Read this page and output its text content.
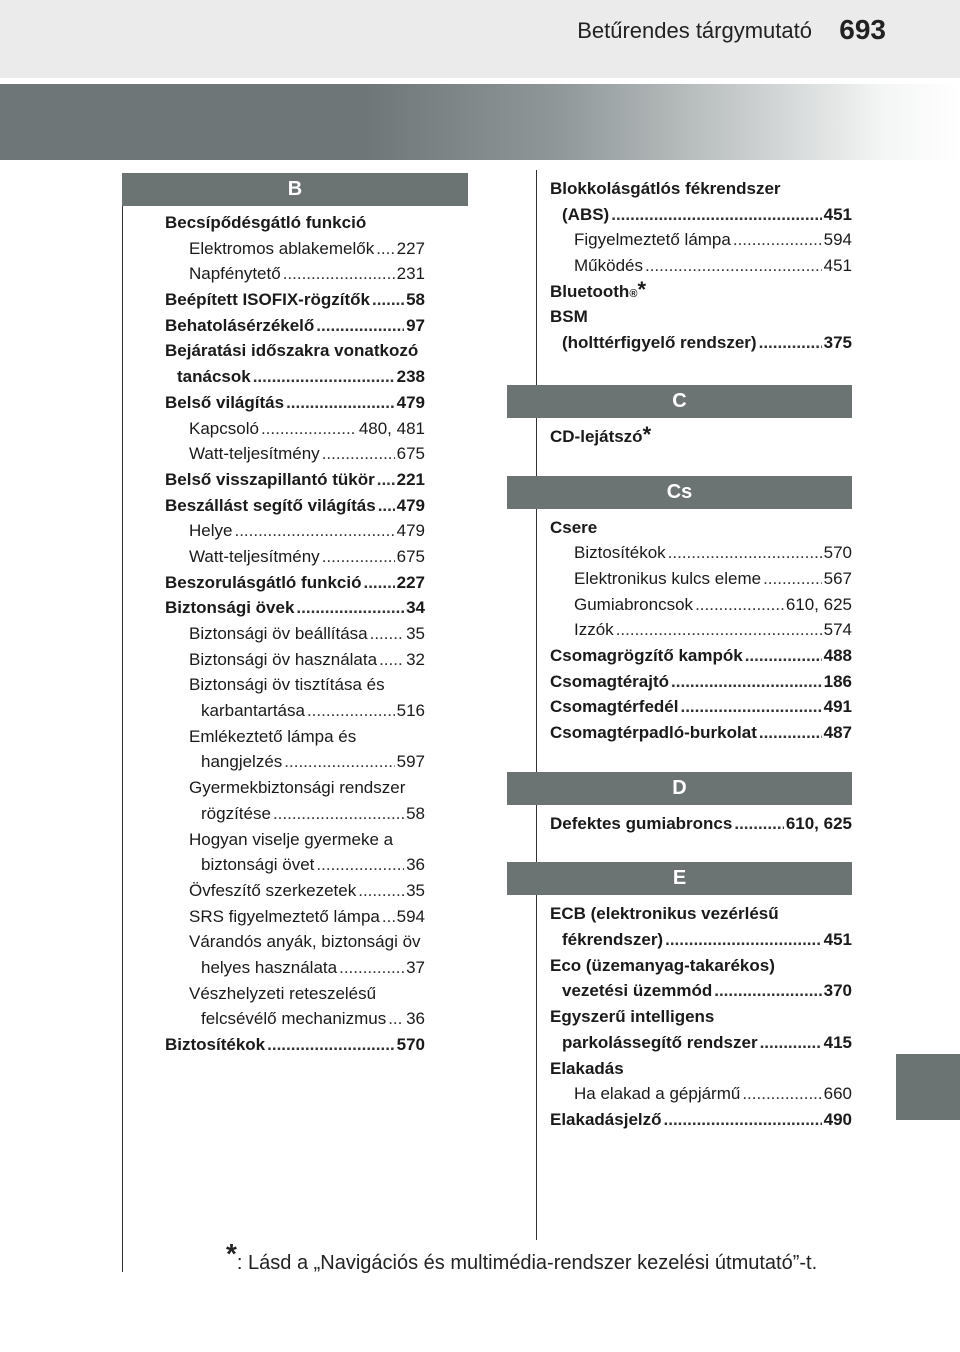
Betűrendes tárgymutató 693
B
Becsípődésgátló funkció
Elektromos ablakemelők ..... 227
Napfénytető .....	231
Beépített ISOFIX-rögzítők ..... 58
Behatolásérzékelő .....	97
Bejáratási időszakra vonatkozó
tanácsok .....	238
Belső világítás .....	479
Kapcsoló .....	480, 481
Watt-teljesítmény .....	675
Belső visszapillantó tükör ..... 221
Beszállást segítő világítás ..... 479
Helye .....	479
Watt-teljesítmény .....	675
Beszorulásgátló funkció ..... 227
Biztonsági övek .....	34
Biztonsági öv beállítása ..... 35
Biztonsági öv használata ..... 32
Biztonsági öv tisztítása és
karbantartása .....	516
Emlékeztető lámpa és
hangjelzés .....	597
Gyermekbiztonsági rendszer
rögzítése .....	58
Hogyan viselje gyermeke a
biztonsági övet .....	36
Övfeszítő szerkezetek .....	35
SRS figyelmeztető lámpa ..... 594
Várandós anyák, biztonsági öv
helyes használata .....	37
Vészhelyzeti reteszelésű
felcsévélő mechanizmus ..... 36
Biztosítékok .....	570
Blokkolásgátlós fékrendszer
(ABS) .....	451
Figyelmeztető lámpa .....	594
Működés .....	451
Bluetooth ® *
BSM
(holttérfigyelő rendszer) .....	375
C
CD-lejátszó *
Cs
Csere
Biztosítékok .....	570
Elektronikus kulcs eleme .....	567
Gumiabroncsok .....	610, 625
Izzók .....	574
Csomagrögzítő kampók .....	488
Csomagtérajtó .....	186
Csomagtérfedél .....	491
Csomagtérpadló-burkolat .....	487
D
Defektes gumiabroncs .....	610, 625
E
ECB (elektronikus vezérlésű
fékrendszer) .....	451
Eco (üzemanyag-takarékos)
vezetési üzemmód .....	370
Egyszerű intelligens
parkolássegítő rendszer .....	415
Elakadás
Ha elakad a gépjármű .....	660
Elakadásjelző .....	490
*: Lásd a „Navigációs és multimédia-rendszer kezelési útmutató”-t.
